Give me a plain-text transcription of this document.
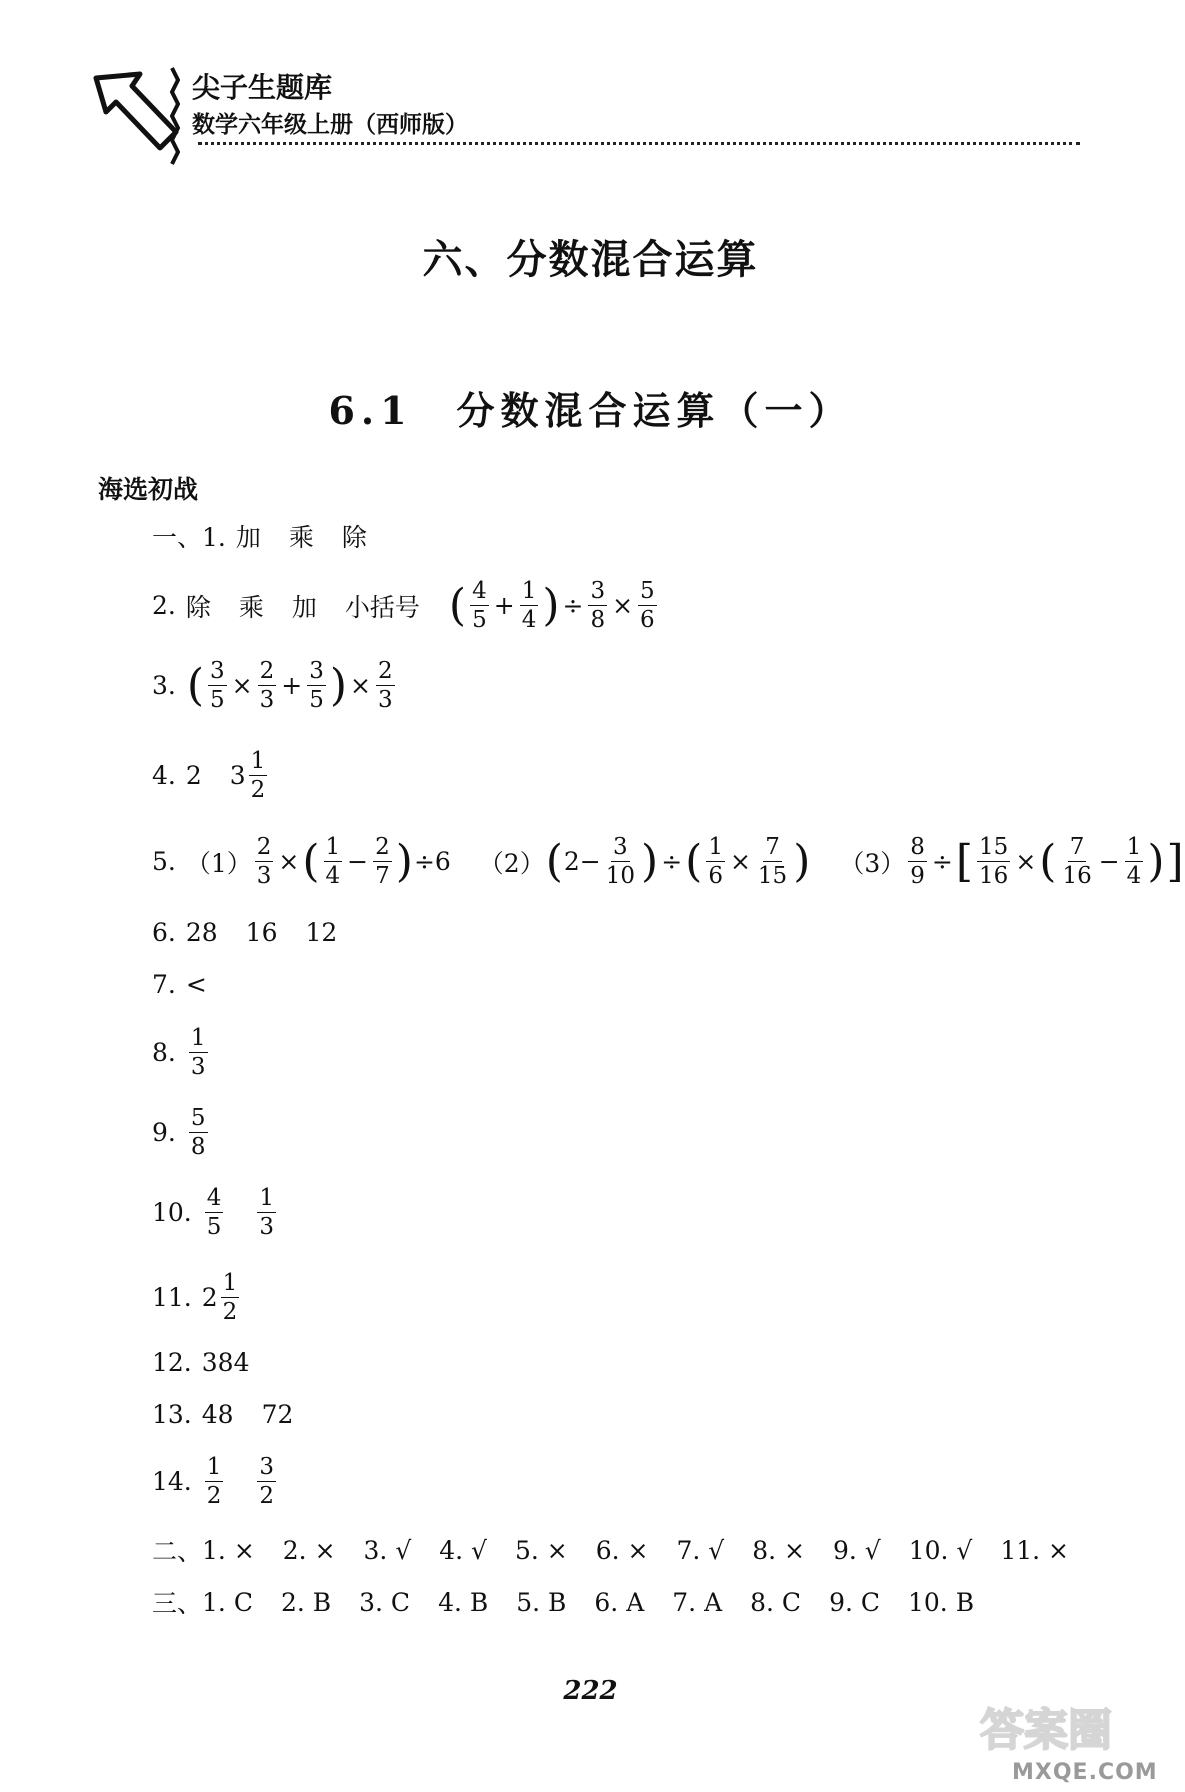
尖子生题库
数学六年级上册（西师版）
六、分数混合运算
6.1　分数混合运算（一）
海选初战
一、1. 加 乘 除
2. 除 乘 加 小括号 ( $\frac{4}{5} + \frac{1}{4}$ ) ÷ $\frac{3}{8} \times \frac{5}{6}$
3. ( $\frac{3}{5} \times \frac{2}{3} + \frac{3}{5}$ ) × $\frac{2}{3}$
4. 2 $3 \frac{1}{2}$
5. $(1) \frac{2}{3}$ × ( $\frac{1}{4} - \frac{2}{7}$ ) ÷6 （2） ( $2- \frac{3}{10}$ ) ÷ ( $\frac{1}{6} \times \frac{7}{15}$ ) $(3) \frac{8}{9}$ ÷ [ $\frac{15}{16}$ × ( $\frac{7}{16} - \frac{1}{4}$ ) ]
6. 28 16 12
7. <
8. $\frac{1}{3}$
9. $\frac{5}{8}$
10. $\frac{4}{5} \frac{1}{3}$
11. $2 \frac{1}{2}$
12. 384
13. 48 72
14. $\frac{1}{2} \frac{3}{2}$
二、 1. × 2. × 3. √ 4. √ 5. × 6. × 7. √ 8. × 9. √ 10. √ 11. ×
三、 1. C 2. B 3. C 4. B 5. B 6. A 7. A 8. C 9. C 10. B
222
答案圈
MXQE.COM
